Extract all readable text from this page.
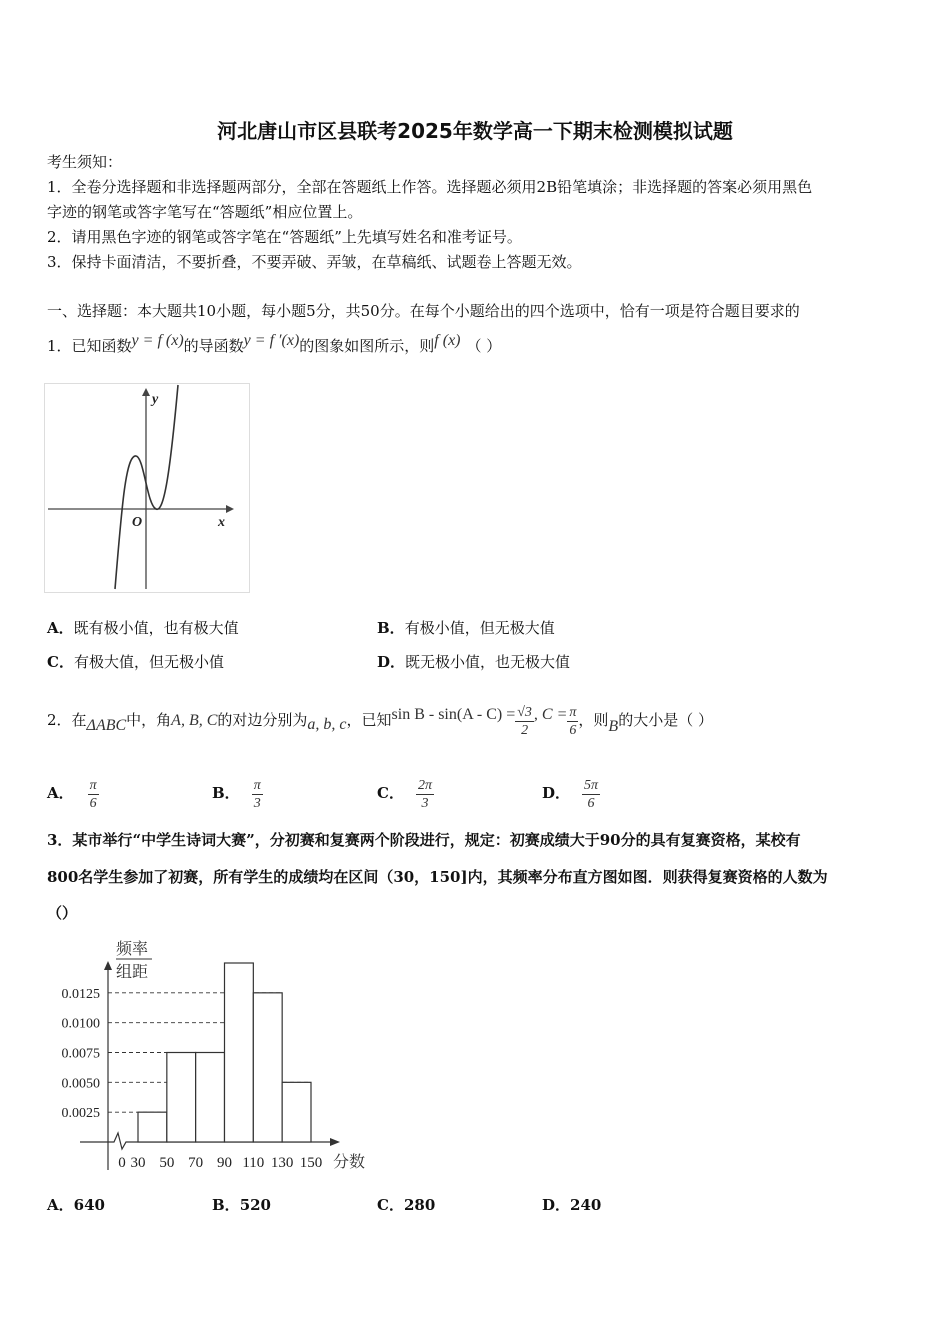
河北唐山市区县联考2025年数学高一下期末检测模拟试题
考生须知：
1．全卷分选择题和非选择题两部分，全部在答题纸上作答。选择题必须用2B铅笔填涂；非选择题的答案必须用黑色
字迹的钢笔或答字笔写在“答题纸”相应位置上。
2．请用黑色字迹的钢笔或答字笔在“答题纸”上先填写姓名和准考证号。
3．保持卡面清洁，不要折叠，不要弄破、弄皱，在草稿纸、试题卷上答题无效。
一、选择题：本大题共10小题，每小题5分，共50分。在每个小题给出的四个选项中，恰有一项是符合题目要求的
1．已知函数y = f (x)的导函数y = f ′(x)的图象如图所示，则f (x) （ ）
y
x
O
A．既有极小值，也有极大值	B．有极小值，但无极大值
C．有极大值，但无极小值	D．既无极小值，也无极大值
2．在ΔABC中，角A, B, C的对边分别为a, b, c，已知$\sin B - \sin(A - C) = \frac{√3}{2}$ , $C = \frac{\pi}{6}$ ，则B的大小是（ ）
A． $\frac{\pi}{6}$	B． $\frac{\pi}{3}$	C． $\frac{2\pi}{3}$	D． $\frac{5\pi}{6}$
3．某市举行“中学生诗词大赛”，分初赛和复赛两个阶段进行，规定：初赛成绩大于90分的具有复赛资格，某校有
800名学生参加了初赛，所有学生的成绩均在区间（30，150]内，其频率分布直方图如图．则获得复赛资格的人数为
（）
频率
组距
分数
0.0125
0.0100
0.0075
0.0050
0.0025
0 30 50 70 90 110 130 150
A．640	B．520	C．280	D．240
